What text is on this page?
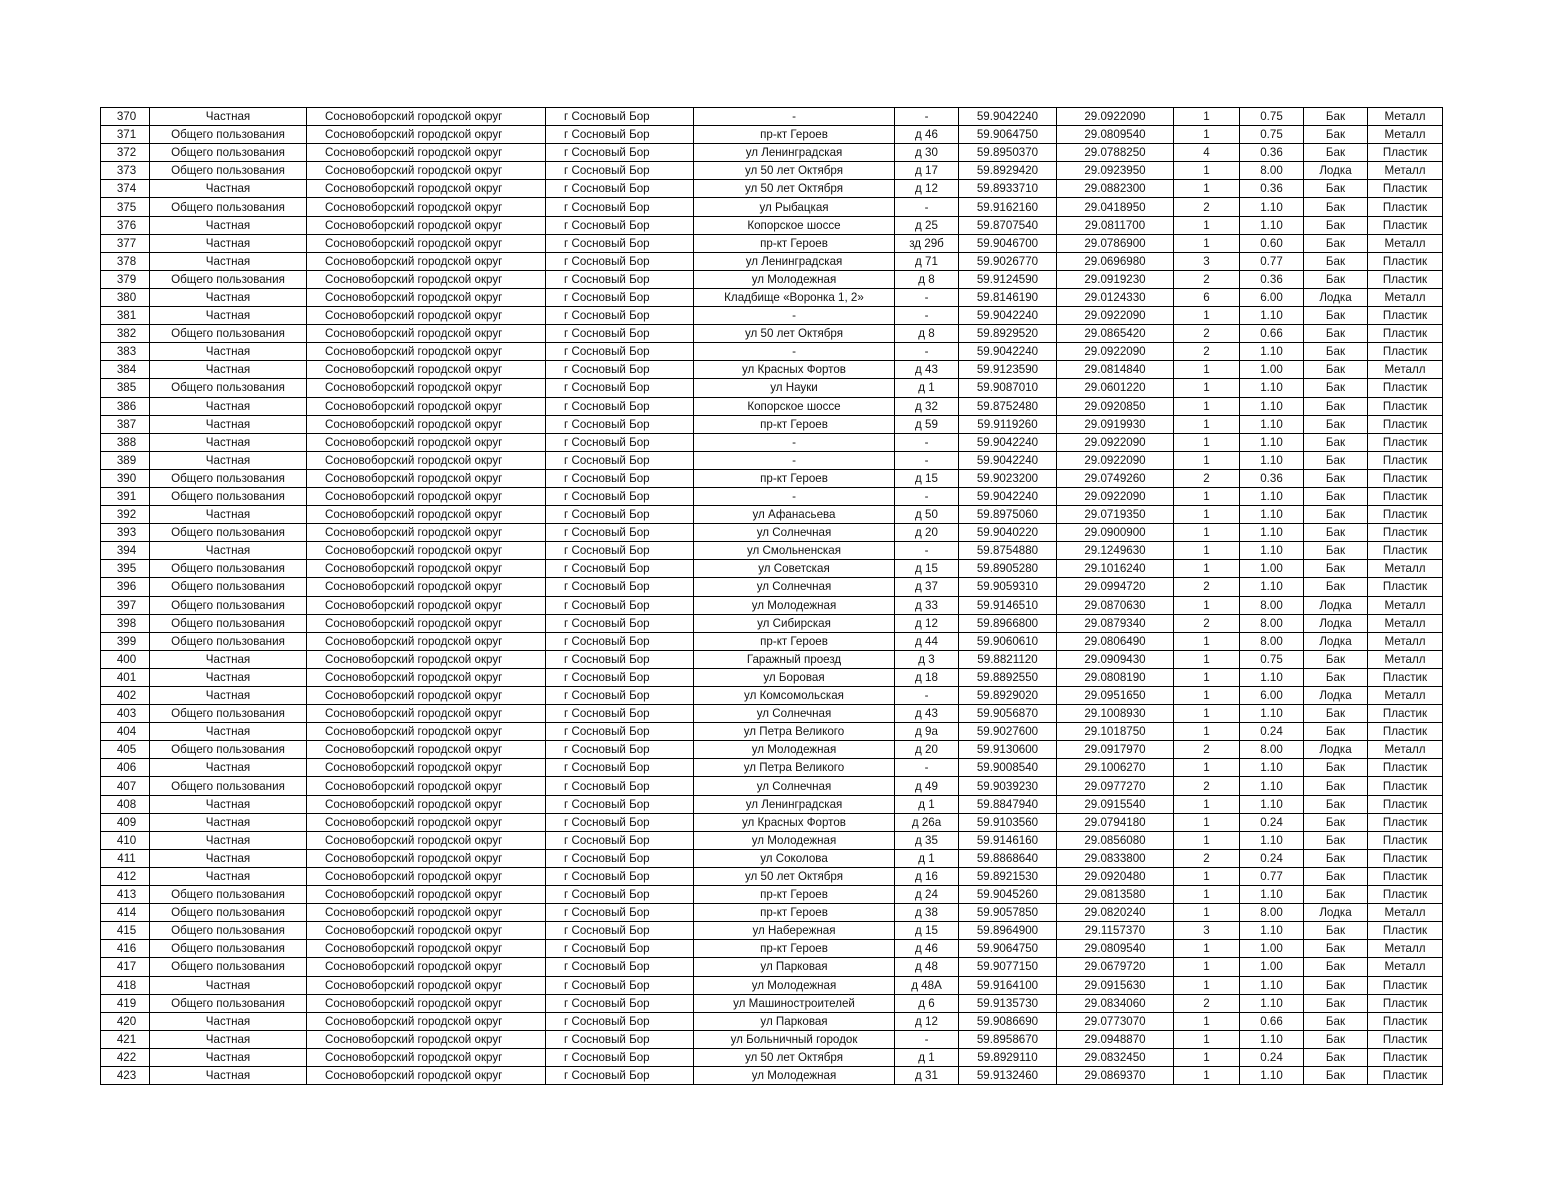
370	Частная	Сосновоборский городской округ	г Сосновый Бор	-	-	59.9042240	29.0922090	1	0.75	Бак	Металл
371	Общего пользования	Сосновоборский городской округ	г Сосновый Бор	пр-кт Героев	д 46	59.9064750	29.0809540	1	0.75	Бак	Металл
372	Общего пользования	Сосновоборский городской округ	г Сосновый Бор	ул Ленинградская	д 30	59.8950370	29.0788250	4	0.36	Бак	Пластик
373	Общего пользования	Сосновоборский городской округ	г Сосновый Бор	ул 50 лет Октября	д 17	59.8929420	29.0923950	1	8.00	Лодка	Металл
374	Частная	Сосновоборский городской округ	г Сосновый Бор	ул 50 лет Октября	д 12	59.8933710	29.0882300	1	0.36	Бак	Пластик
375	Общего пользования	Сосновоборский городской округ	г Сосновый Бор	ул Рыбацкая	-	59.9162160	29.0418950	2	1.10	Бак	Пластик
376	Частная	Сосновоборский городской округ	г Сосновый Бор	Копорское шоссе	д 25	59.8707540	29.0811700	1	1.10	Бак	Пластик
377	Частная	Сосновоборский городской округ	г Сосновый Бор	пр-кт Героев	зд 29б	59.9046700	29.0786900	1	0.60	Бак	Металл
378	Частная	Сосновоборский городской округ	г Сосновый Бор	ул Ленинградская	д 71	59.9026770	29.0696980	3	0.77	Бак	Пластик
379	Общего пользования	Сосновоборский городской округ	г Сосновый Бор	ул Молодежная	д 8	59.9124590	29.0919230	2	0.36	Бак	Пластик
380	Частная	Сосновоборский городской округ	г Сосновый Бор	Кладбище «Воронка 1, 2»	-	59.8146190	29.0124330	6	6.00	Лодка	Металл
381	Частная	Сосновоборский городской округ	г Сосновый Бор	-	-	59.9042240	29.0922090	1	1.10	Бак	Пластик
382	Общего пользования	Сосновоборский городской округ	г Сосновый Бор	ул 50 лет Октября	д 8	59.8929520	29.0865420	2	0.66	Бак	Пластик
383	Частная	Сосновоборский городской округ	г Сосновый Бор	-	-	59.9042240	29.0922090	2	1.10	Бак	Пластик
384	Частная	Сосновоборский городской округ	г Сосновый Бор	ул Красных Фортов	д 43	59.9123590	29.0814840	1	1.00	Бак	Металл
385	Общего пользования	Сосновоборский городской округ	г Сосновый Бор	ул Науки	д 1	59.9087010	29.0601220	1	1.10	Бак	Пластик
386	Частная	Сосновоборский городской округ	г Сосновый Бор	Копорское шоссе	д 32	59.8752480	29.0920850	1	1.10	Бак	Пластик
387	Частная	Сосновоборский городской округ	г Сосновый Бор	пр-кт Героев	д 59	59.9119260	29.0919930	1	1.10	Бак	Пластик
388	Частная	Сосновоборский городской округ	г Сосновый Бор	-	-	59.9042240	29.0922090	1	1.10	Бак	Пластик
389	Частная	Сосновоборский городской округ	г Сосновый Бор	-	-	59.9042240	29.0922090	1	1.10	Бак	Пластик
390	Общего пользования	Сосновоборский городской округ	г Сосновый Бор	пр-кт Героев	д 15	59.9023200	29.0749260	2	0.36	Бак	Пластик
391	Общего пользования	Сосновоборский городской округ	г Сосновый Бор	-	-	59.9042240	29.0922090	1	1.10	Бак	Пластик
392	Частная	Сосновоборский городской округ	г Сосновый Бор	ул Афанасьева	д 50	59.8975060	29.0719350	1	1.10	Бак	Пластик
393	Общего пользования	Сосновоборский городской округ	г Сосновый Бор	ул Солнечная	д 20	59.9040220	29.0900900	1	1.10	Бак	Пластик
394	Частная	Сосновоборский городской округ	г Сосновый Бор	ул Смольненская	-	59.8754880	29.1249630	1	1.10	Бак	Пластик
395	Общего пользования	Сосновоборский городской округ	г Сосновый Бор	ул Советская	д 15	59.8905280	29.1016240	1	1.00	Бак	Металл
396	Общего пользования	Сосновоборский городской округ	г Сосновый Бор	ул Солнечная	д 37	59.9059310	29.0994720	2	1.10	Бак	Пластик
397	Общего пользования	Сосновоборский городской округ	г Сосновый Бор	ул Молодежная	д 33	59.9146510	29.0870630	1	8.00	Лодка	Металл
398	Общего пользования	Сосновоборский городской округ	г Сосновый Бор	ул Сибирская	д 12	59.8966800	29.0879340	2	8.00	Лодка	Металл
399	Общего пользования	Сосновоборский городской округ	г Сосновый Бор	пр-кт Героев	д 44	59.9060610	29.0806490	1	8.00	Лодка	Металл
400	Частная	Сосновоборский городской округ	г Сосновый Бор	Гаражный проезд	д 3	59.8821120	29.0909430	1	0.75	Бак	Металл
401	Частная	Сосновоборский городской округ	г Сосновый Бор	ул Боровая	д 18	59.8892550	29.0808190	1	1.10	Бак	Пластик
402	Частная	Сосновоборский городской округ	г Сосновый Бор	ул Комсомольская	-	59.8929020	29.0951650	1	6.00	Лодка	Металл
403	Общего пользования	Сосновоборский городской округ	г Сосновый Бор	ул Солнечная	д 43	59.9056870	29.1008930	1	1.10	Бак	Пластик
404	Частная	Сосновоборский городской округ	г Сосновый Бор	ул Петра Великого	д 9а	59.9027600	29.1018750	1	0.24	Бак	Пластик
405	Общего пользования	Сосновоборский городской округ	г Сосновый Бор	ул Молодежная	д 20	59.9130600	29.0917970	2	8.00	Лодка	Металл
406	Частная	Сосновоборский городской округ	г Сосновый Бор	ул Петра Великого	-	59.9008540	29.1006270	1	1.10	Бак	Пластик
407	Общего пользования	Сосновоборский городской округ	г Сосновый Бор	ул Солнечная	д 49	59.9039230	29.0977270	2	1.10	Бак	Пластик
408	Частная	Сосновоборский городской округ	г Сосновый Бор	ул Ленинградская	д 1	59.8847940	29.0915540	1	1.10	Бак	Пластик
409	Частная	Сосновоборский городской округ	г Сосновый Бор	ул Красных Фортов	д 26а	59.9103560	29.0794180	1	0.24	Бак	Пластик
410	Частная	Сосновоборский городской округ	г Сосновый Бор	ул Молодежная	д 35	59.9146160	29.0856080	1	1.10	Бак	Пластик
411	Частная	Сосновоборский городской округ	г Сосновый Бор	ул Соколова	д 1	59.8868640	29.0833800	2	0.24	Бак	Пластик
412	Частная	Сосновоборский городской округ	г Сосновый Бор	ул 50 лет Октября	д 16	59.8921530	29.0920480	1	0.77	Бак	Пластик
413	Общего пользования	Сосновоборский городской округ	г Сосновый Бор	пр-кт Героев	д 24	59.9045260	29.0813580	1	1.10	Бак	Пластик
414	Общего пользования	Сосновоборский городской округ	г Сосновый Бор	пр-кт Героев	д 38	59.9057850	29.0820240	1	8.00	Лодка	Металл
415	Общего пользования	Сосновоборский городской округ	г Сосновый Бор	ул Набережная	д 15	59.8964900	29.1157370	3	1.10	Бак	Пластик
416	Общего пользования	Сосновоборский городской округ	г Сосновый Бор	пр-кт Героев	д 46	59.9064750	29.0809540	1	1.00	Бак	Металл
417	Общего пользования	Сосновоборский городской округ	г Сосновый Бор	ул Парковая	д 48	59.9077150	29.0679720	1	1.00	Бак	Металл
418	Частная	Сосновоборский городской округ	г Сосновый Бор	ул Молодежная	д 48А	59.9164100	29.0915630	1	1.10	Бак	Пластик
419	Общего пользования	Сосновоборский городской округ	г Сосновый Бор	ул Машиностроителей	д 6	59.9135730	29.0834060	2	1.10	Бак	Пластик
420	Частная	Сосновоборский городской округ	г Сосновый Бор	ул Парковая	д 12	59.9086690	29.0773070	1	0.66	Бак	Пластик
421	Частная	Сосновоборский городской округ	г Сосновый Бор	ул Больничный городок	-	59.8958670	29.0948870	1	1.10	Бак	Пластик
422	Частная	Сосновоборский городской округ	г Сосновый Бор	ул 50 лет Октября	д 1	59.8929110	29.0832450	1	0.24	Бак	Пластик
423	Частная	Сосновоборский городской округ	г Сосновый Бор	ул Молодежная	д 31	59.9132460	29.0869370	1	1.10	Бак	Пластик
